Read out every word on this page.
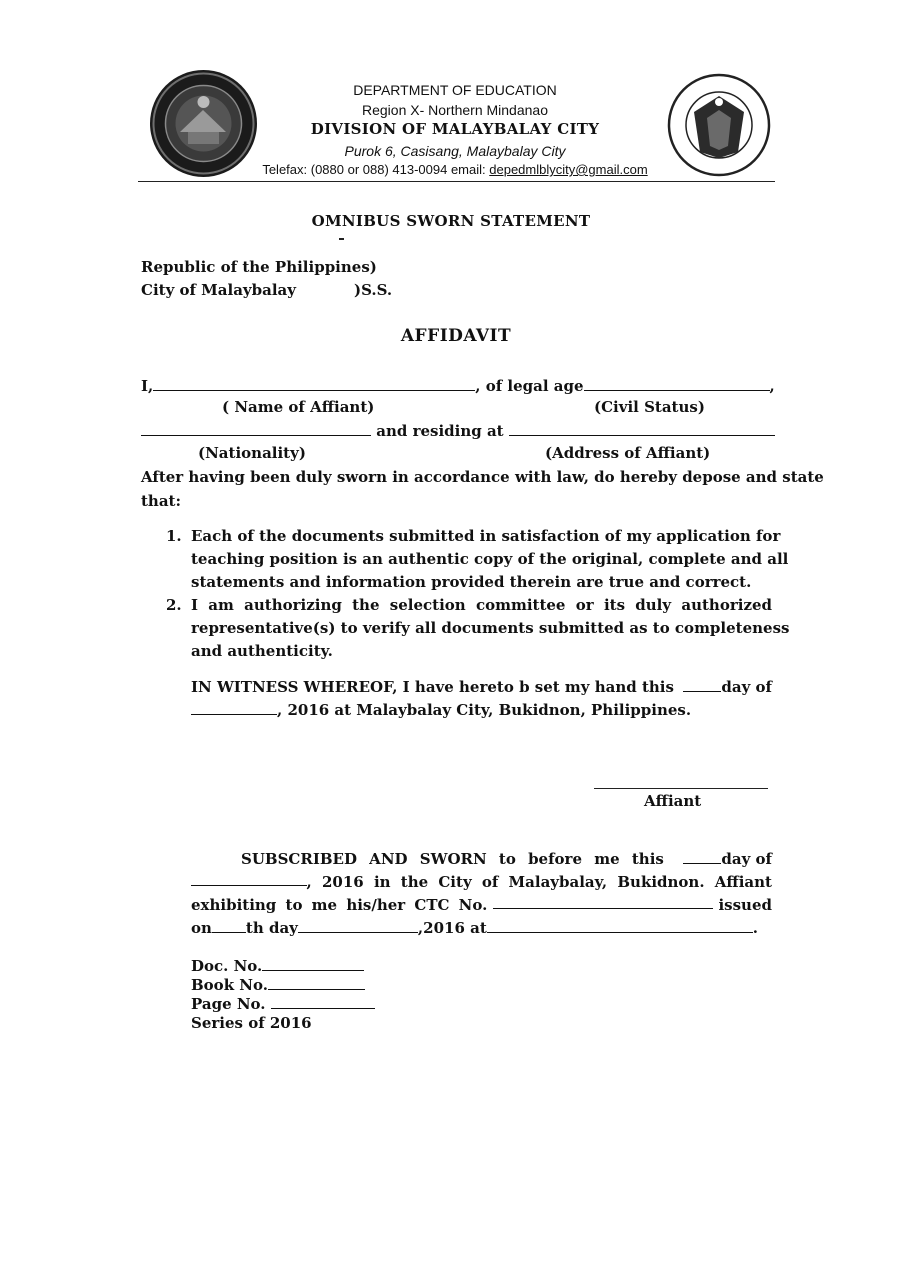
DEPARTMENT OF EDUCATION
Region X- Northern Mindanao
DIVISION OF MALAYBALAY CITY
Purok 6, Casisang, Malaybalay City
Telefax: (0880 or 088) 413-0094 email: depedmlblycity@gmail.com
OMNIBUS SWORN STATEMENT
Republic of the Philippines)
City of Malaybalay	)S.S.
AFFIDAVIT
I,	, of legal age	,
( Name of Affiant)	(Civil Status)
and residing at
(Nationality)	(Address of Affiant)
After having been duly sworn in accordance with law, do hereby depose and state
that:
1. Each of the documents submitted in satisfaction of my application for
teaching position is an authentic copy of the original, complete and all
statements and information provided therein are true and correct.
2. I am authorizing the selection committee or its duly authorized
representative(s) to verify all documents submitted as to completeness
and authenticity.
IN WITNESS WHEREOF, I have hereto b set my hand this	day of
, 2016 at Malaybalay City, Bukidnon, Philippines.
Affiant
SUBSCRIBED AND SWORN to before me this	day of
, 2016 in the City of Malaybalay, Bukidnon. Affiant
exhibiting to me his/her CTC No.	issued
on th day	,2016 at	.
Doc. No.
Book No.
Page No.
Series of 2016
